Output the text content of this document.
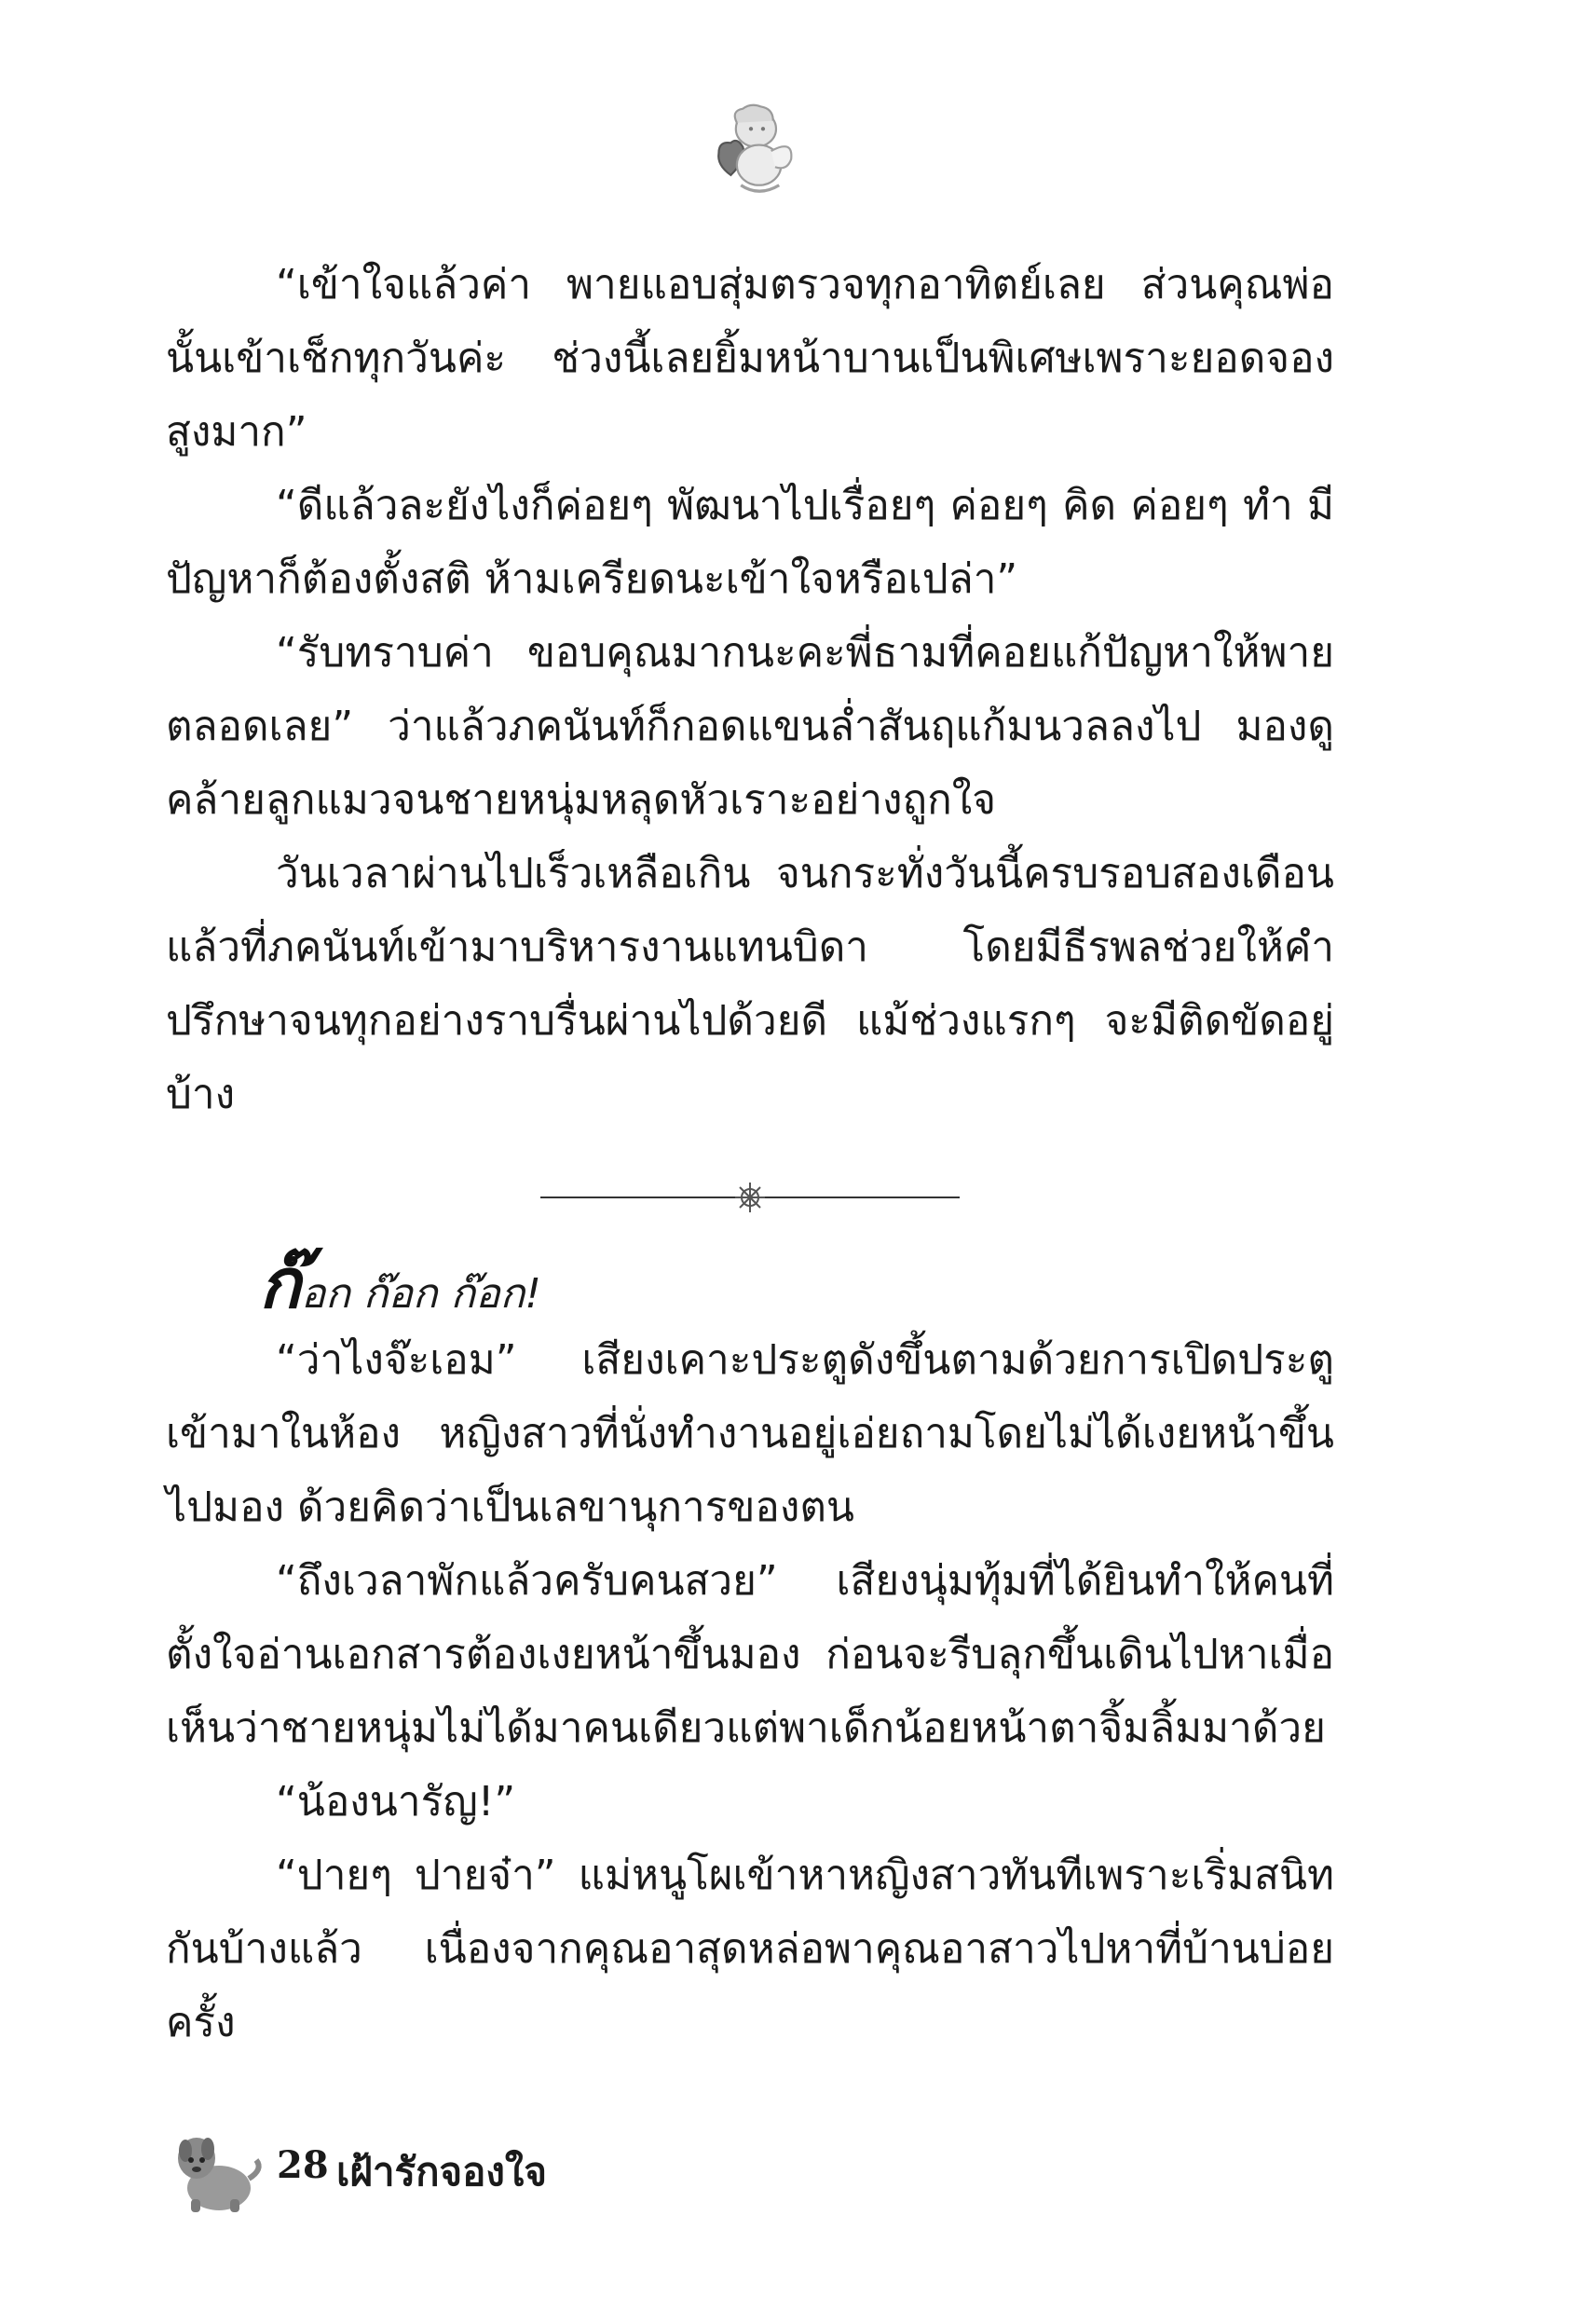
“เข้าใจแล้วค่า พายแอบสุ่มตรวจทุกอาทิตย์เลย ส่วนคุณพ่อนั้นเข้าเช็กทุกวันค่ะ ช่วงนี้เลยยิ้มหน้าบานเป็นพิเศษเพราะยอดจองสูงมาก”

“ดีแล้วละยังไงก็ค่อยๆ พัฒนาไปเรื่อยๆ ค่อยๆ คิด ค่อยๆ ทำ มีปัญหาก็ต้องตั้งสติ ห้ามเครียดนะเข้าใจหรือเปล่า”

“รับทราบค่า ขอบคุณมากนะคะพี่ธามที่คอยแก้ปัญหาให้พายตลอดเลย” ว่าแล้วภคนันท์ก็กอดแขนล่ำสันฤแก้มนวลลงไป มองดูคล้ายลูกแมวจนชายหนุ่มหลุดหัวเราะอย่างถูกใจ

วันเวลาผ่านไปเร็วเหลือเกิน จนกระทั่งวันนี้ครบรอบสองเดือนแล้วที่ภคนันท์เข้ามาบริหารงานแทนบิดา โดยมีธีรพลช่วยให้คำปรึกษาจนทุกอย่างราบรื่นผ่านไปด้วยดี แม้ช่วงแรกๆ จะมีติดขัดอยู่บ้าง

ก๊อก ก๊อก ก๊อก!

“ว่าไงจ๊ะเอม” เสียงเคาะประตูดังขึ้นตามด้วยการเปิดประตูเข้ามาในห้อง หญิงสาวที่นั่งทำงานอยู่เอ่ยถามโดยไม่ได้เงยหน้าขึ้นไปมอง ด้วยคิดว่าเป็นเลขานุการของตน

“ถึงเวลาพักแล้วครับคนสวย” เสียงนุ่มทุ้มที่ได้ยินทำให้คนที่ตั้งใจอ่านเอกสารต้องเงยหน้าขึ้นมอง ก่อนจะรีบลุกขึ้นเดินไปหาเมื่อเห็นว่าชายหนุ่มไม่ได้มาคนเดียวแต่พาเด็กน้อยหน้าตาจิ้มลิ้มมาด้วย

“น้องนารัญ!”

“ปายๆ ปายจ๋า” แม่หนูโผเข้าหาหญิงสาวทันทีเพราะเริ่มสนิทกันบ้างแล้ว เนื่องจากคุณอาสุดหล่อพาคุณอาสาวไปหาที่บ้านบ่อยครั้ง

28 เฝ้ารักจองใจ
